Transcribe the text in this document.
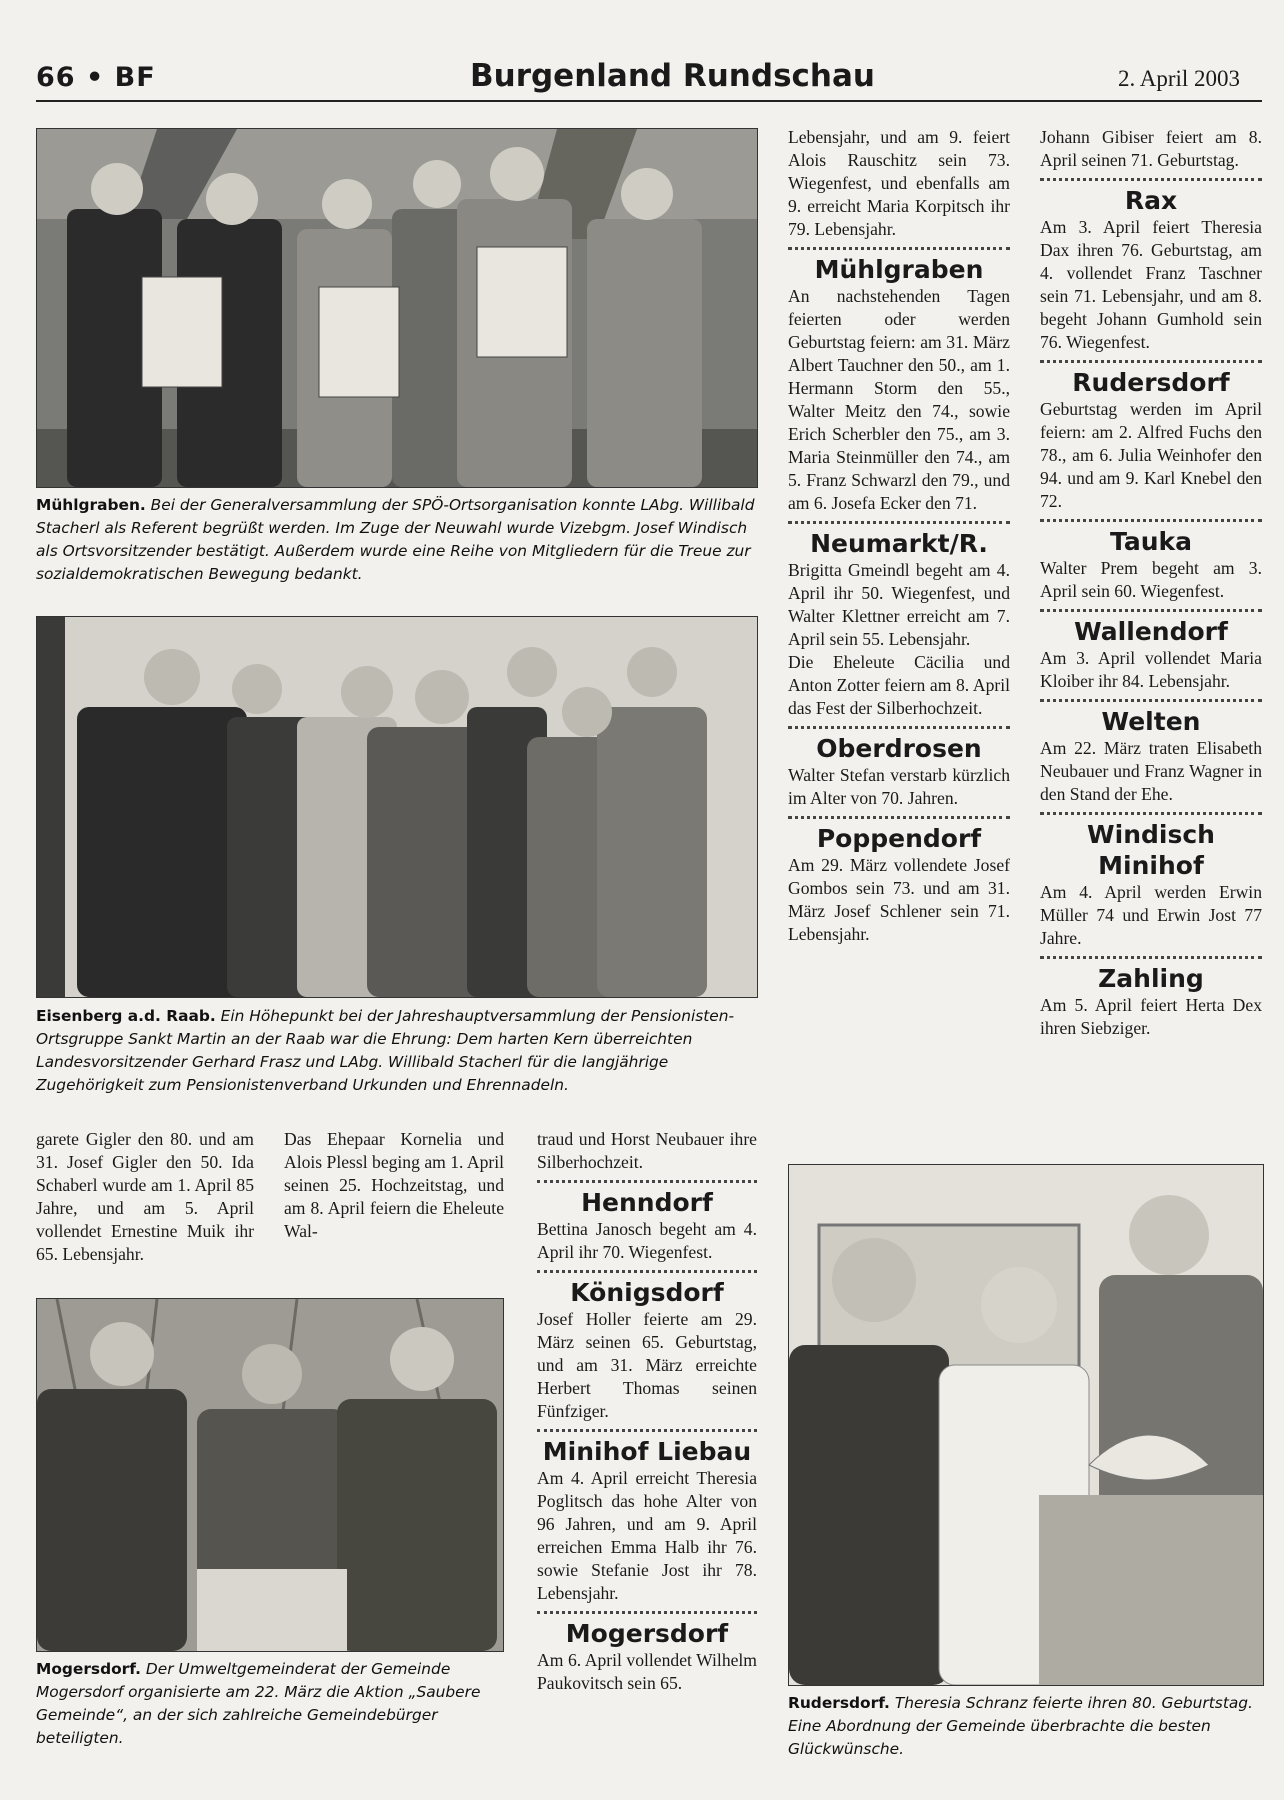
66 • BF	Burgenland Rundschau	2. April 2003
Mühlgraben. Bei der Generalversammlung der SPÖ-Ortsorganisation konnte LAbg. Willibald Stacherl als Referent begrüßt werden. Im Zuge der Neuwahl wurde Vizebgm. Josef Windisch als Ortsvorsitzender bestätigt. Außerdem wurde eine Reihe von Mitgliedern für die Treue zur sozialdemokratischen Bewegung bedankt.
Eisenberg a.d. Raab. Ein Höhepunkt bei der Jahreshauptversammlung der Pensionisten-Ortsgruppe Sankt Martin an der Raab war die Ehrung: Dem harten Kern überreichten Landesvorsitzender Gerhard Frasz und LAbg. Willibald Stacherl für die langjährige Zugehörigkeit zum Pensionistenverband Urkunden und Ehrennadeln.

garete Gigler den 80. und am 31. Josef Gigler den 50. Ida Schaberl wurde am 1. April 85 Jahre, und am 5. April vollendet Ernestine Muik ihr 65. Lebensjahr.

Das Ehepaar Kornelia und Alois Plessl beging am 1. April seinen 25. Hochzeitstag, und am 8. April feiern die Eheleute Wal-

Mogersdorf. Der Umweltgemeinderat der Gemeinde Mogersdorf organisierte am 22. März die Aktion „Saubere Gemeinde“, an der sich zahlreiche Gemeindebürger beteiligten.

traud und Horst Neubauer ihre Silberhochzeit.

Henndorf

Bettina Janosch begeht am 4. April ihr 70. Wiegenfest.

Königsdorf

Josef Holler feierte am 29. März seinen 65. Geburtstag, und am 31. März erreichte Herbert Thomas seinen Fünfziger.

Minihof Liebau

Am 4. April erreicht Theresia Poglitsch das hohe Alter von 96 Jahren, und am 9. April erreichen Emma Halb ihr 76. sowie Stefanie Jost ihr 78. Lebensjahr.

Mogersdorf

Am 6. April vollendet Wilhelm Paukovitsch sein 65.

Lebensjahr, und am 9. feiert Alois Rauschitz sein 73. Wiegenfest, und ebenfalls am 9. erreicht Maria Korpitsch ihr 79. Lebensjahr.

Mühlgraben

An nachstehenden Tagen feierten oder werden Geburtstag feiern: am 31. März Albert Tauchner den 50., am 1. Hermann Storm den 55., Walter Meitz den 74., sowie Erich Scherbler den 75., am 3. Maria Steinmüller den 74., am 5. Franz Schwarzl den 79., und am 6. Josefa Ecker den 71.

Neumarkt/R.

Brigitta Gmeindl begeht am 4. April ihr 50. Wiegenfest, und Walter Klettner erreicht am 7. April sein 55. Lebensjahr.

Die Eheleute Cäcilia und Anton Zotter feiern am 8. April das Fest der Silberhochzeit.

Oberdrosen

Walter Stefan verstarb kürzlich im Alter von 70. Jahren.

Poppendorf

Am 29. März vollendete Josef Gombos sein 73. und am 31. März Josef Schlener sein 71. Lebensjahr.

Johann Gibiser feiert am 8. April seinen 71. Geburtstag.

Rax

Am 3. April feiert Theresia Dax ihren 76. Geburtstag, am 4. vollendet Franz Taschner sein 71. Lebensjahr, und am 8. begeht Johann Gumhold sein 76. Wiegenfest.

Rudersdorf

Geburtstag werden im April feiern: am 2. Alfred Fuchs den 78., am 6. Julia Weinhofer den 94. und am 9. Karl Knebel den 72.

Tauka

Walter Prem begeht am 3. April sein 60. Wiegenfest.

Wallendorf

Am 3. April vollendet Maria Kloiber ihr 84. Lebensjahr.

Welten

Am 22. März traten Elisabeth Neubauer und Franz Wagner in den Stand der Ehe.

Windisch Minihof

Am 4. April werden Erwin Müller 74 und Erwin Jost 77 Jahre.

Zahling

Am 5. April feiert Herta Dex ihren Siebziger.

Rudersdorf. Theresia Schranz feierte ihren 80. Geburtstag. Eine Abordnung der Gemeinde überbrachte die besten Glückwünsche.
